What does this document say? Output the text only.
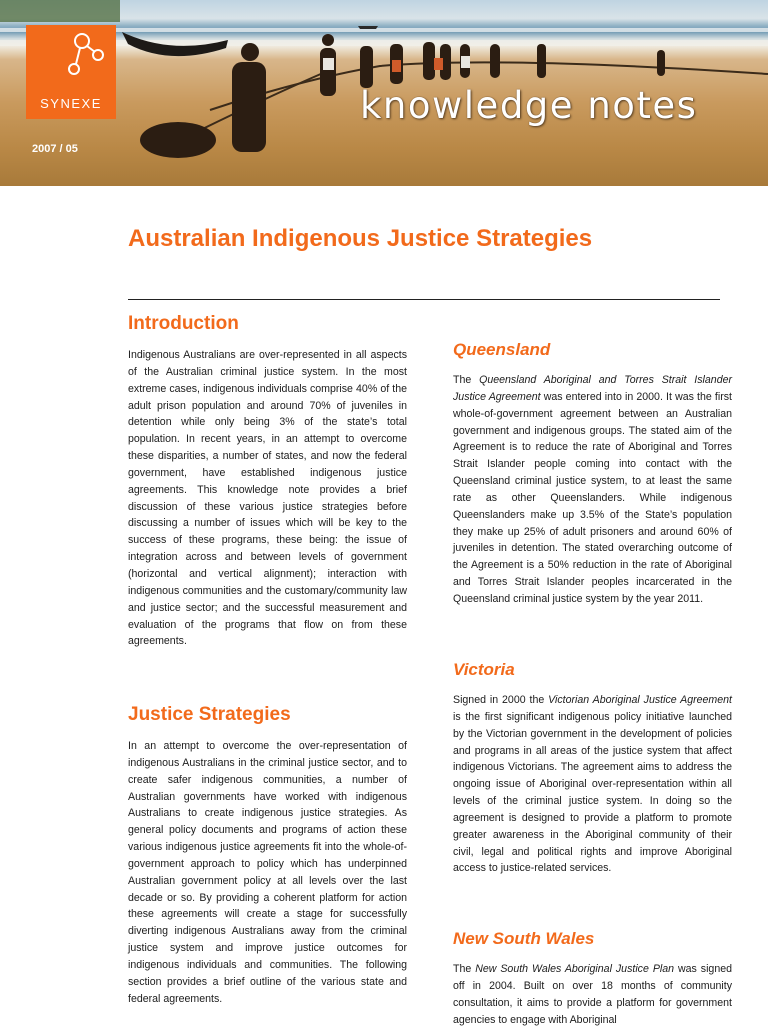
SYNEXE
2007 / 05
knowledge notes
Australian Indigenous Justice Strategies
Introduction

Indigenous Australians are over-represented in all aspects of the Australian criminal justice system. In the most extreme cases, indigenous individuals comprise 40% of the adult prison population and around 70% of juveniles in detention while only being 3% of the state’s total population. In recent years, in an attempt to overcome these disparities, a number of states, and now the federal government, have established indigenous justice agreements. This knowledge note provides a brief discussion of these various justice strategies before discussing a number of issues which will be key to the success of these programs, these being: the issue of integration across and between levels of government (horizontal and vertical alignment); interaction with indigenous communities and the customary/community law and justice sector; and the successful measurement and evaluation of the programs that flow on from these agreements.

Justice Strategies

In an attempt to overcome the over-representation of indigenous Australians in the criminal justice sector, and to create safer indigenous communities, a number of Australian governments have worked with indigenous Australians to create indigenous justice strategies. As general policy documents and programs of action these various indigenous justice agreements fit into the whole-of-government approach to policy which has underpinned Australian government policy at all levels over the last decade or so. By providing a coherent platform for action these agreements will create a stage for successfully diverting indigenous Australians away from the criminal justice system and improve justice outcomes for indigenous individuals and communities. The following section provides a brief outline of the various state and federal agreements.

Queensland

The Queensland Aboriginal and Torres Strait Islander Justice Agreement was entered into in 2000. It was the first whole-of-government agreement between an Australian government and indigenous groups. The stated aim of the Agreement is to reduce the rate of Aboriginal and Torres Strait Islander people coming into contact with the Queensland criminal justice system, to at least the same rate as other Queenslanders. While indigenous Queenslanders make up 3.5% of the State’s population they make up 25% of adult prisoners and around 60% of juveniles in detention. The stated overarching outcome of the Agreement is a 50% reduction in the rate of Aboriginal and Torres Strait Islander peoples incarcerated in the Queensland criminal justice system by the year 2011.

Victoria

Signed in 2000 the Victorian Aboriginal Justice Agreement is the first significant indigenous policy initiative launched by the Victorian government in the development of policies and programs in all areas of the justice system that affect indigenous Victorians. The agreement aims to address the ongoing issue of Aboriginal over-representation within all levels of the criminal justice system. In doing so the agreement is designed to provide a platform to promote greater awareness in the Aboriginal community of their civil, legal and political rights and improve Aboriginal access to justice-related services.

New South Wales

The New South Wales Aboriginal Justice Plan was signed off in 2004. Built on over 18 months of community consultation, it aims to provide a platform for government agencies to engage with Aboriginal
